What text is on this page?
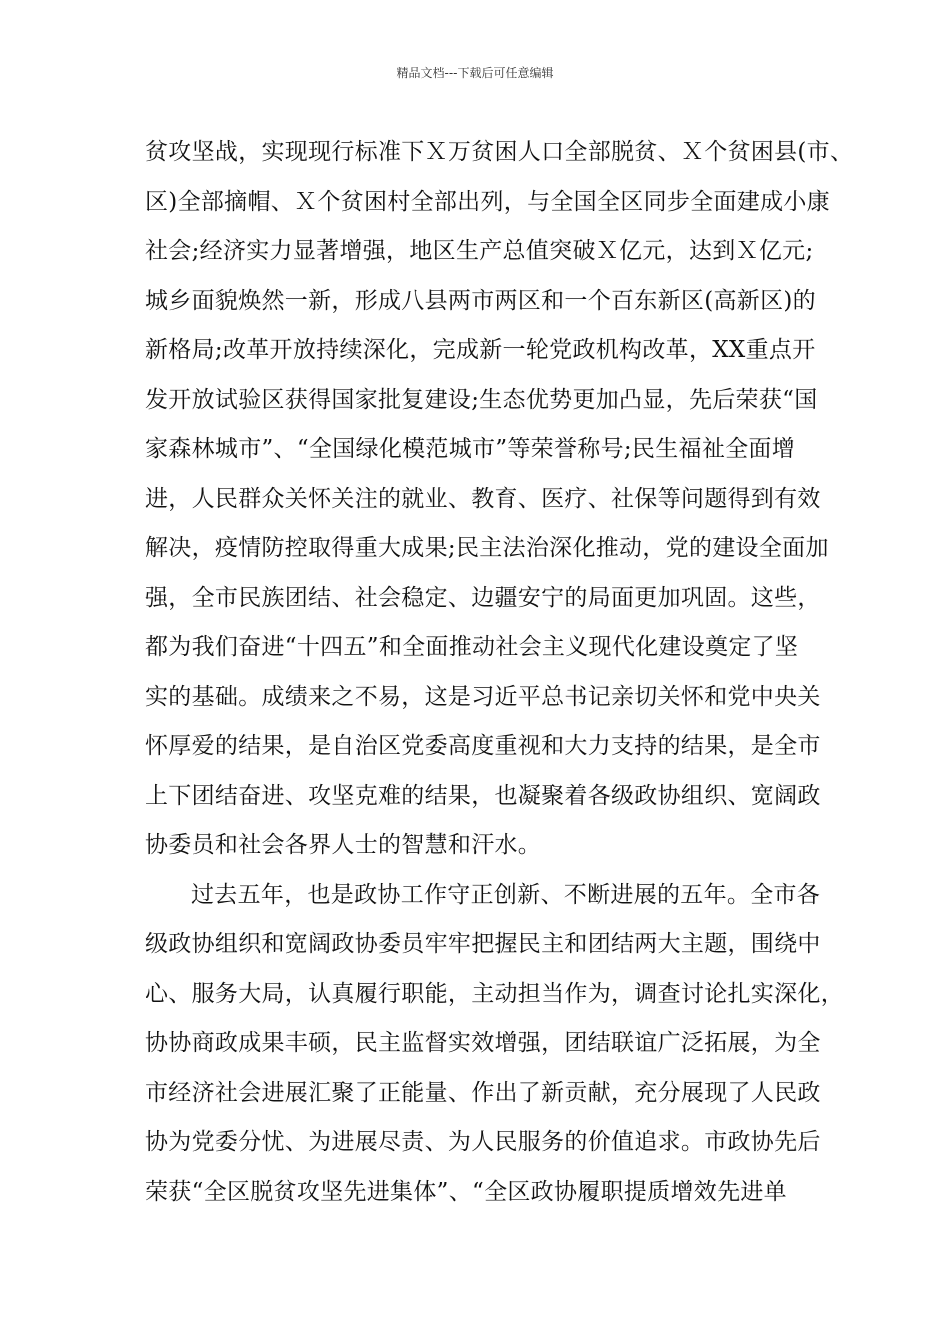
精品文档---下载后可任意编辑
贫攻坚战，实现现行标准下Ｘ万贫困人口全部脱贫、Ｘ个贫困县(市、
区)全部摘帽、Ｘ个贫困村全部出列，与全国全区同步全面建成小康
社会;经济实力显著增强，地区生产总值突破Ｘ亿元，达到Ｘ亿元;
城乡面貌焕然一新，形成八县两市两区和一个百东新区(高新区)的
新格局;改革开放持续深化，完成新一轮党政机构改革，XX重点开
发开放试验区获得国家批复建设;生态优势更加凸显，先后荣获“国
家森林城市”、“全国绿化模范城市”等荣誉称号;民生福祉全面增
进，人民群众关怀关注的就业、教育、医疗、社保等问题得到有效
解决，疫情防控取得重大成果;民主法治深化推动，党的建设全面加
强，全市民族团结、社会稳定、边疆安宁的局面更加巩固。这些，
都为我们奋进“十四五”和全面推动社会主义现代化建设奠定了坚
实的基础。成绩来之不易，这是习近平总书记亲切关怀和党中央关
怀厚爱的结果，是自治区党委高度重视和大力支持的结果，是全市
上下团结奋进、攻坚克难的结果，也凝聚着各级政协组织、宽阔政
协委员和社会各界人士的智慧和汗水。
过去五年，也是政协工作守正创新、不断进展的五年。全市各
级政协组织和宽阔政协委员牢牢把握民主和团结两大主题，围绕中
心、服务大局，认真履行职能，主动担当作为，调查讨论扎实深化，
协协商政成果丰硕，民主监督实效增强，团结联谊广泛拓展，为全
市经济社会进展汇聚了正能量、作出了新贡献，充分展现了人民政
协为党委分忧、为进展尽责、为人民服务的价值追求。市政协先后
荣获“全区脱贫攻坚先进集体”、“全区政协履职提质增效先进单
